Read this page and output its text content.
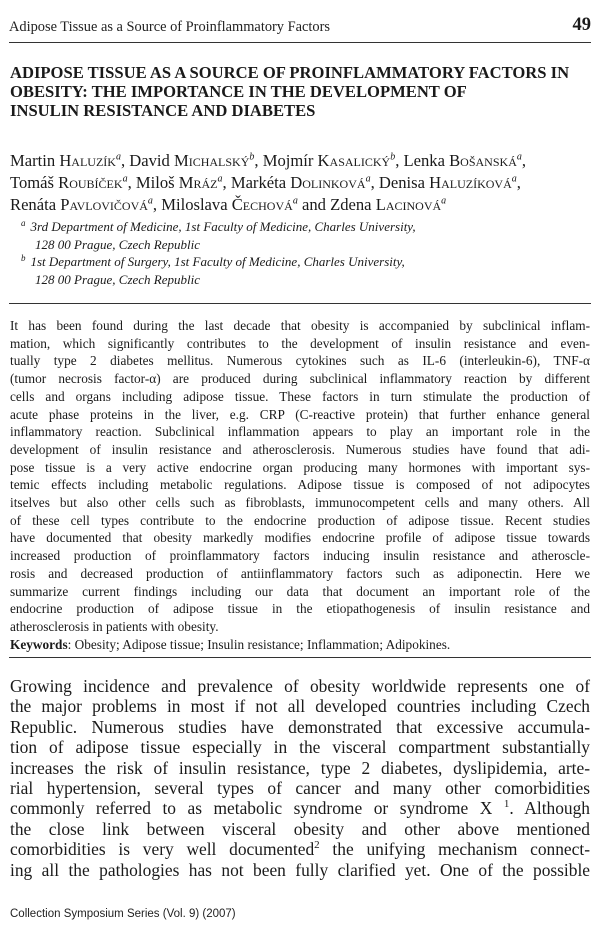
Adipose Tissue as a Source of Proinflammatory Factors	49
ADIPOSE TISSUE AS A SOURCE OF PROINFLAMMATORY FACTORS IN
OBESITY: THE IMPORTANCE IN THE DEVELOPMENT OF
INSULIN RESISTANCE AND DIABETES
Martin Haluzík$^a$, David Michalský$^b$, Mojmír Kasalický$^b$, Lenka Bošanská$^a$,
Tomáš Roubíček$^a$, Miloš Mráz$^a$, Markéta Dolinková$^a$, Denisa Haluzíková$^a$,
Renáta Pavlovičová$^a$, Miloslava Čechová$^a$ and Zdena Lacinová$^a$
$^a$ 3rd Department of Medicine, 1st Faculty of Medicine, Charles University,
128 00 Prague, Czech Republic
$^b$ 1st Department of Surgery, 1st Faculty of Medicine, Charles University,
128 00 Prague, Czech Republic
It has been found during the last decade that obesity is accompanied by subclinical inflam-
mation, which significantly contributes to the development of insulin resistance and even-
tually type 2 diabetes mellitus. Numerous cytokines such as IL-6 (interleukin-6), TNF-α
(tumor necrosis factor-α) are produced during subclinical inflammatory reaction by different
cells and organs including adipose tissue. These factors in turn stimulate the production of
acute phase proteins in the liver, e.g. CRP (C-reactive protein) that further enhance general
inflammatory reaction. Subclinical inflammation appears to play an important role in the
development of insulin resistance and atherosclerosis. Numerous studies have found that adi-
pose tissue is a very active endocrine organ producing many hormones with important sys-
temic effects including metabolic regulations. Adipose tissue is composed of not adipocytes
itselves but also other cells such as fibroblasts, immunocompetent cells and many others. All
of these cell types contribute to the endocrine production of adipose tissue. Recent studies
have documented that obesity markedly modifies endocrine profile of adipose tissue towards
increased production of proinflammatory factors inducing insulin resistance and atheroscle-
rosis and decreased production of antiinflammatory factors such as adiponectin. Here we
summarize current findings including our data that document an important role of the
endocrine production of adipose tissue in the etiopathogenesis of insulin resistance and
atherosclerosis in patients with obesity.
Keywords: Obesity; Adipose tissue; Insulin resistance; Inflammation; Adipokines.
Growing incidence and prevalence of obesity worldwide represents one of
the major problems in most if not all developed countries including Czech
Republic. Numerous studies have demonstrated that excessive accumula-
tion of adipose tissue especially in the visceral compartment substantially
increases the risk of insulin resistance, type 2 diabetes, dyslipidemia, arte-
rial hypertension, several types of cancer and many other comorbidities
commonly referred to as metabolic syndrome or syndrome X $^1$. Although
the close link between visceral obesity and other above mentioned
comorbidities is very well documented$^2$ the unifying mechanism connect-
ing all the pathologies has not been fully clarified yet. One of the possible
Collection Symposium Series (Vol. 9) (2007)
